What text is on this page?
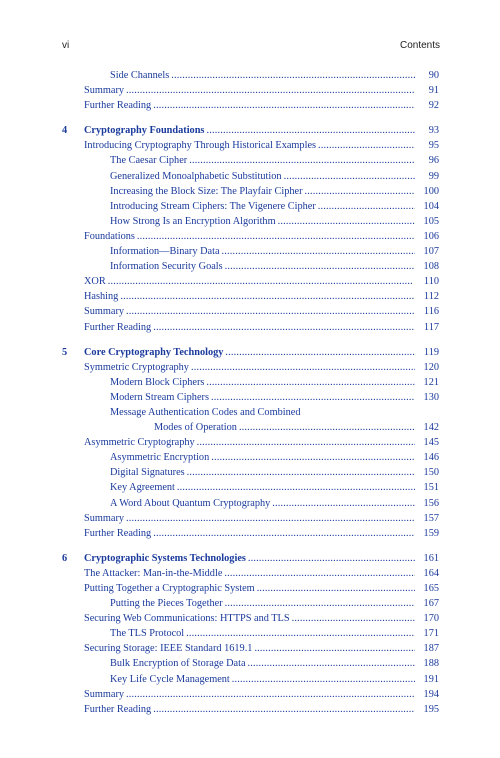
vi	Contents
Side Channels . . .	90
Summary . . .	91
Further Reading . . .	92
4 Cryptography Foundations . . .	93
Introducing Cryptography Through Historical Examples . . .	95
The Caesar Cipher . . .	96
Generalized Monoalphabetic Substitution . . .	99
Increasing the Block Size: The Playfair Cipher . . .	100
Introducing Stream Ciphers: The Vigenere Cipher . . .	104
How Strong Is an Encryption Algorithm . . .	105
Foundations . . .	106
Information—Binary Data . . .	107
Information Security Goals . . .	108
XOR . . .	110
Hashing . . .	112
Summary . . .	116
Further Reading . . .	117
5 Core Cryptography Technology . . .	119
Symmetric Cryptography . . .	120
Modern Block Ciphers . . .	121
Modern Stream Ciphers . . .	130
Message Authentication Codes and Combined
Modes of Operation . . .	142
Asymmetric Cryptography . . .	145
Asymmetric Encryption . . .	146
Digital Signatures . . .	150
Key Agreement . . .	151
A Word About Quantum Cryptography . . .	156
Summary . . .	157
Further Reading . . .	159
6 Cryptographic Systems Technologies . . .	161
The Attacker: Man-in-the-Middle . . .	164
Putting Together a Cryptographic System . . .	165
Putting the Pieces Together . . .	167
Securing Web Communications: HTTPS and TLS . . .	170
The TLS Protocol . . .	171
Securing Storage: IEEE Standard 1619.1 . . .	187
Bulk Encryption of Storage Data . . .	188
Key Life Cycle Management . . .	191
Summary . . .	194
Further Reading . . .	195
